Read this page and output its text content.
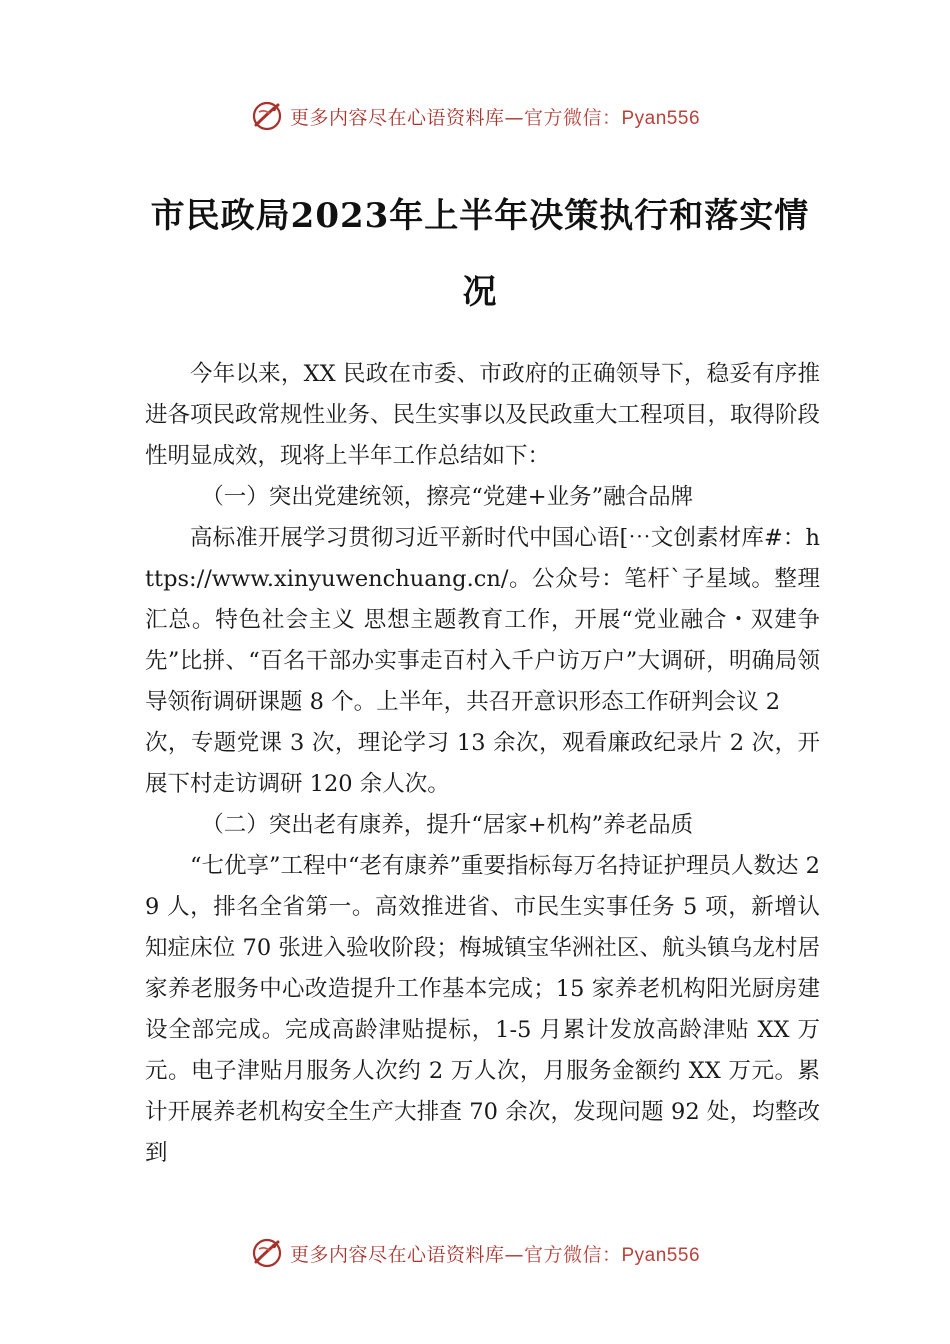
更多内容尽在心语资料库—官方微信：Pyan556
市民政局2023年上半年决策执行和落实情况

今年以来，XX 民政在市委、市政府的正确领导下，稳妥有序推进各项民政常规性业务、民生实事以及民政重大工程项目，取得阶段性明显成效，现将上半年工作总结如下：

（一）突出党建统领，擦亮“党建+业务”融合品牌

高标准开展学习贯彻习近平新时代中国心语[⋯文创素材库#：https://www.xinyuwenchuang.cn/。公众号：笔杆`子星域。整理汇总。特色社会主义 思想主题教育工作，开展“党业融合・双建争先”比拼、“百名干部办实事走百村入千户访万户”大调研，明确局领导领衔调研课题 8 个。上半年，共召开意识形态工作研判会议 2

次，专题党课 3 次，理论学习 13 余次，观看廉政纪录片 2 次，开展下村走访调研 120 余人次。

（二）突出老有康养，提升“居家+机构”养老品质

“七优享”工程中“老有康养”重要指标每万名持证护理员人数达 29 人，排名全省第一。高效推进省、市民生实事任务 5 项，新增认知症床位 70 张进入验收阶段；梅城镇宝华洲社区、航头镇乌龙村居家养老服务中心改造提升工作基本完成；15 家养老机构阳光厨房建设全部完成。完成高龄津贴提标，1-5 月累计发放高龄津贴 XX 万元。电子津贴月服务人次约 2 万人次，月服务金额约 XX 万元。累计开展养老机构安全生产大排查 70 余次，发现问题 92 处，均整改到

更多内容尽在心语资料库—官方微信：Pyan556
